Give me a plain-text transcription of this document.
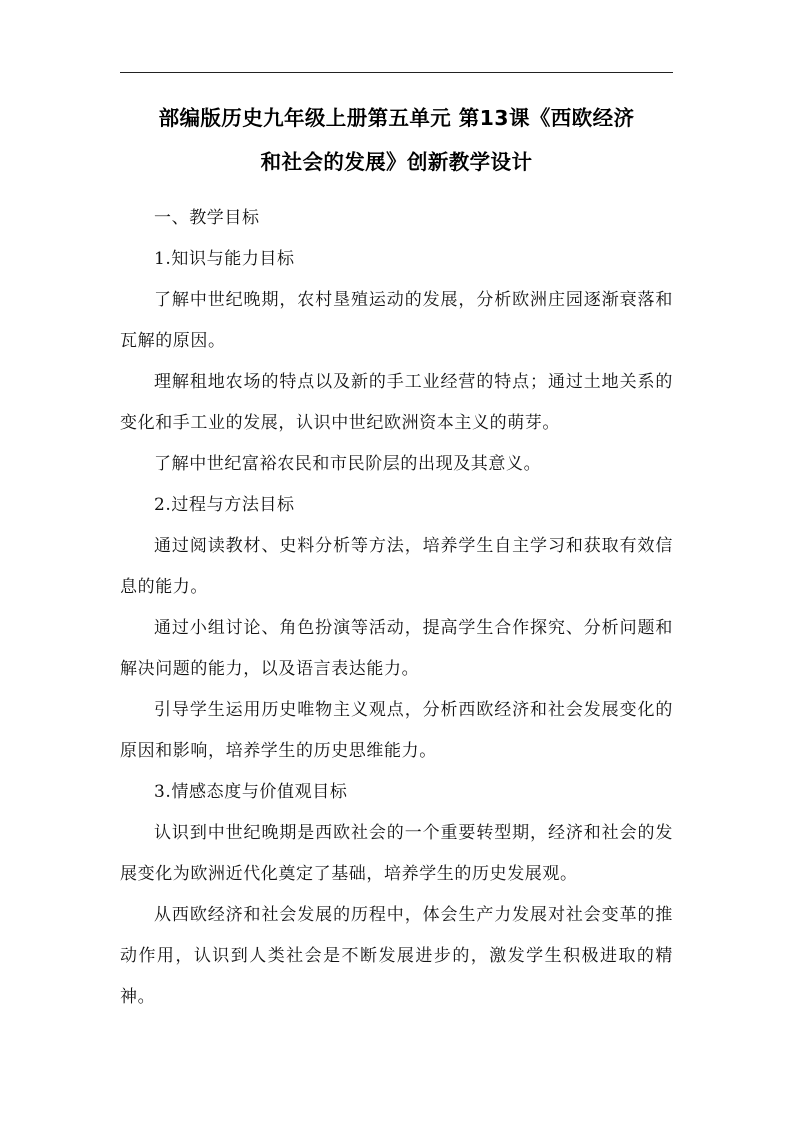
部编版历史九年级上册第五单元 第13课《西欧经济
和社会的发展》创新教学设计

一、教学目标

1.知识与能力目标

了解中世纪晚期，农村垦殖运动的发展，分析欧洲庄园逐渐衰落和瓦解的原因。

理解租地农场的特点以及新的手工业经营的特点；通过土地关系的变化和手工业的发展，认识中世纪欧洲资本主义的萌芽。

了解中世纪富裕农民和市民阶层的出现及其意义。

2.过程与方法目标

通过阅读教材、史料分析等方法，培养学生自主学习和获取有效信息的能力。

通过小组讨论、角色扮演等活动，提高学生合作探究、分析问题和解决问题的能力，以及语言表达能力。

引导学生运用历史唯物主义观点，分析西欧经济和社会发展变化的原因和影响，培养学生的历史思维能力。

3.情感态度与价值观目标

认识到中世纪晚期是西欧社会的一个重要转型期，经济和社会的发展变化为欧洲近代化奠定了基础，培养学生的历史发展观。

从西欧经济和社会发展的历程中，体会生产力发展对社会变革的推动作用，认识到人类社会是不断发展进步的，激发学生积极进取的精神。
